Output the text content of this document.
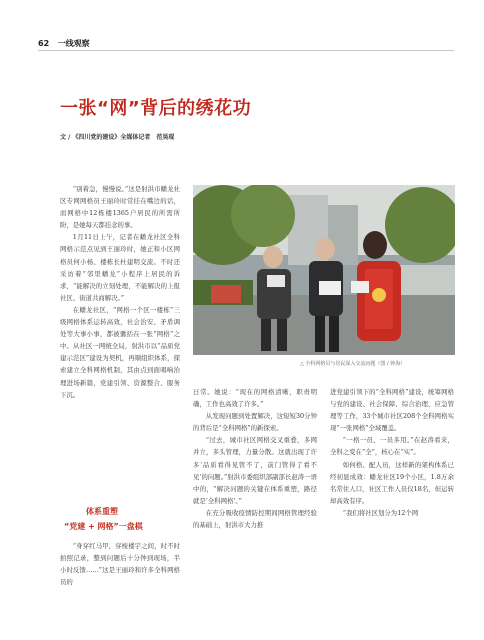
62 一线观察
一张“网”背后的绣花功
文 / 《四川党的建设》全媒体记者　范昊琨

“别着急，慢慢说。”这是射洪市蟠龙社区专网网格员王丽玲时常挂在嘴边的话，而网格中12栋楼1365户居民的所需所盼，是她每天都挂念的事。

1月11日上午，记者在蟠龙社区全科网格示范点见到王丽玲时，她正和小区网格员何小杨、楼栋长杜建明交流。不时还采访着“邻里蟠龙”小程序上居民的诉求，“能解决的立刻处理，不能解决的上报社区、街道共商解决。”

在蟠龙社区，“网格一个区一楼栋”三级网格体系运转高效，社会治安、矛盾调处等大事小事，都被囊括在一张“网格”之中。从社区一网统全局，射洪市以“品质党建示范区”建设为契机，再顺组织体系，探索建立全科网格机制，其由点到面唱响治理进场新篇，党建引领、资源整合、服务下沉。

体系重塑
“党建 + 网格”一盘棋

“身穿红马甲，穿梭楼宇之间，时不时拍照记录，整到问题后十分钟到现场，半小时反馈……”这是王丽玲和许多全科网格员的

△ 全科网格员与居民深入交流问题（图 / 钟海）

日常。她说：“现在的网格清晰，职责明确，工作也高效了许多。”

从发现问题到处置解决，这短短30分钟的背后是“全科网格”的新探索。

“过去，城市社区网格交叉重叠，多网并立，多头管理，力量分散。这就出现了许多‘品质看得见管不了，前门管得了看不见’的问题。”射洪市委组织部副部长赵涛一语中的，“解决问题的关键在体系重塑，路径就是‘全科网格’。”

在充分吸收疫情防控期间网格管理经验的基础上，射洪市大力推

进党建引领下的“全科网格”建设，统筹网格与党的建设、社会保障、综合治理、应急管理等工作，33个城市社区208个全科网格实现“一张网格”全域覆盖。

“一格一员、一员多用。”在赵涛看来，全科之变在“全”，核心在“实”。

如何格、配人员，这样新的架构体系已经初显成效：蟠龙社区19个小区，1.8万余名常住人口，社区工作人员仅18名，但运转却高效有序。

“我们将社区划分为12个网
